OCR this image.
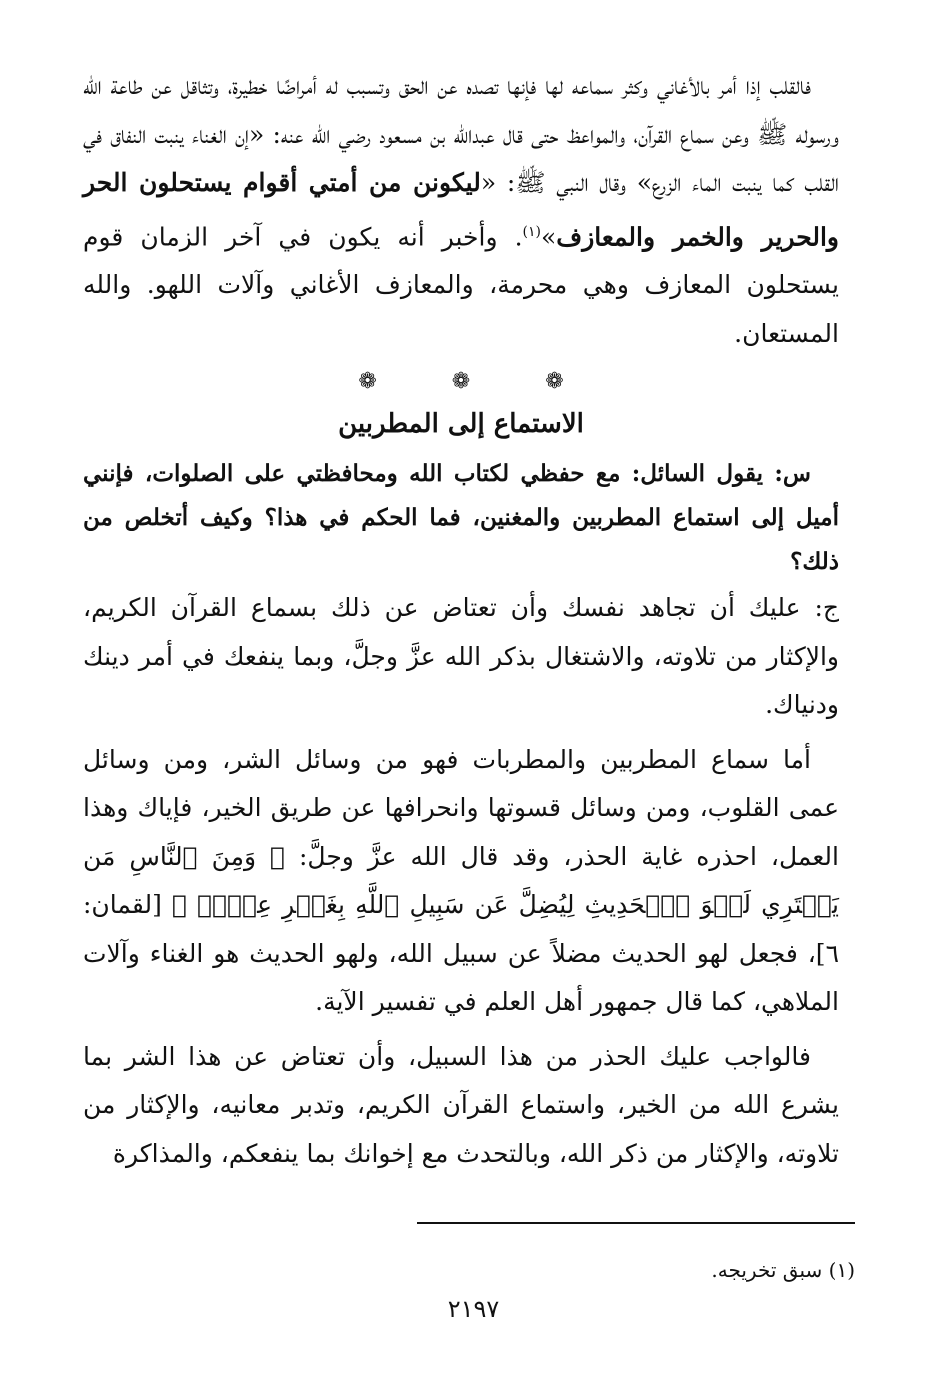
فالقلب إذا أمر بالأغاني وكثر سماعه لها فإنها تصده عن الحق وتسبب له أمراضًا خطيرة، وتثاقل عن طاعة الله ورسوله ﷺ وعن سماع القرآن، والمواعظ حتى قال عبدالله بن مسعود رضي الله عنه: «إن الغناء ينبت النفاق في القلب كما ينبت الماء الزرع» وقال النبي ﷺ: «ليكونن من أمتي أقوام يستحلون الحر والحرير والخمر والمعازف»$^{(١)}$. وأخبر أنه يكون في آخر الزمان قوم يستحلون المعازف وهي محرمة، والمعازف الأغاني وآلات اللهو. والله المستعان.

❁ ❁ ❁
الاستماع إلى المطربين

س: يقول السائل: مع حفظي لكتاب الله ومحافظتي على الصلوات، فإنني أميل إلى استماع المطربين والمغنين، فما الحكم في هذا؟ وكيف أتخلص من ذلك؟

ج: عليك أن تجاهد نفسك وأن تعتاض عن ذلك بسماع القرآن الكريم، والإكثار من تلاوته، والاشتغال بذكر الله عزَّ وجلَّ، وبما ينفعك في أمر دينك ودنياك.

أما سماع المطربين والمطربات فهو من وسائل الشر، ومن وسائل عمى القلوب، ومن وسائل قسوتها وانحرافها عن طريق الخير، فإياك وهذا العمل، احذره غاية الحذر، وقد قال الله عزَّ وجلَّ: ﴿ وَمِنَ ٱلنَّاسِ مَن يَشۡتَرِي لَهۡوَ ٱلۡحَدِيثِ لِيُضِلَّ عَن سَبِيلِ ٱللَّهِ بِغَيۡرِ عِلۡمٖ ﴾ [لقمان: ٦]، فجعل لهو الحديث مضلاً عن سبيل الله، ولهو الحديث هو الغناء وآلات الملاهي، كما قال جمهور أهل العلم في تفسير الآية.

فالواجب عليك الحذر من هذا السبيل، وأن تعتاض عن هذا الشر بما يشرع الله من الخير، واستماع القرآن الكريم، وتدبر معانيه، والإكثار من تلاوته، والإكثار من ذكر الله، وبالتحدث مع إخوانك بما ينفعكم، والمذاكرة

(١) سبق تخريجه.
٢١٩٧
